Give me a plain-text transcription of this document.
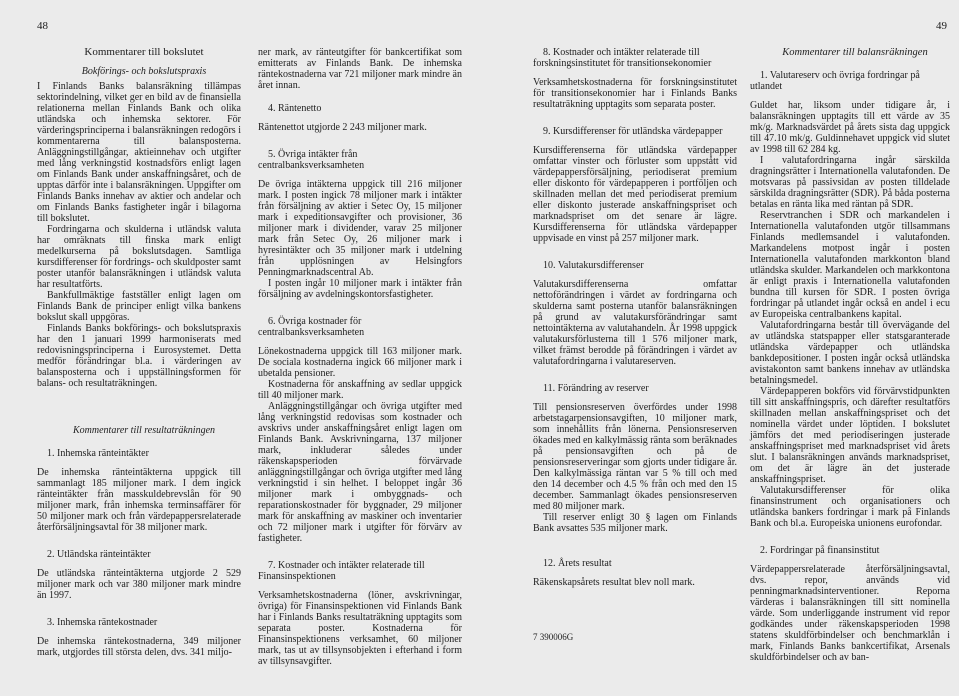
48	49

Kommentarer till bokslutet

Bokförings- och bokslutspraxis

I Finlands Banks balansräkning tillämpas sektorindelning, vilket ger en bild av de finansiella relationerna mellan Finlands Bank och olika utländska och inhemska sektorer. För värderingsprinciperna i balansräkningen redogörs i kommentarerna till balansposterna. Anläggningstillgångar, aktieinnehav och utgifter med lång verkningstid kostnadsförs enligt lagen om Finlands Bank under anskaffningsåret, och de upptas därför inte i balansräkningen. Uppgifter om Finlands Banks innehav av aktier och andelar och om Finlands Banks fastigheter ingår i bilagorna till bokslutet.

Fordringarna och skulderna i utländsk valuta har omräknats till finska mark enligt medelkurserna på bokslutsdagen. Samtliga kursdifferenser för fordrings- och skuldposter samt poster utanför balansräkningen i utländsk valuta har resultatförts.

Bankfullmäktige fastställer enligt lagen om Finlands Bank de principer enligt vilka bankens bokslut skall uppgöras.

Finlands Banks bokförings- och bokslutspraxis har den 1 januari 1999 harmoniserats med redovisningsprinciperna i Eurosystemet. Detta medför förändringar bl.a. i värderingen av balansposterna och i uppställningsformen för balans- och resultaträkningen.

Kommentarer till resultaträkningen

1. Inhemska ränteintäkter

De inhemska ränteintäkterna uppgick till sammanlagt 185 miljoner mark. I dem ingick ränteintäkter från masskuldebrevslån för 90 miljoner mark, från inhemska terminsaffärer för 50 miljoner mark och från värdepappersrelaterade återförsäljningsavtal för 38 miljoner mark.

2. Utländska ränteintäkter

De utländska ränteintäkterna utgjorde 2 529 miljoner mark och var 380 miljoner mark mindre än 1997.

3. Inhemska räntekostnader

De inhemska räntekostnaderna, 349 miljoner mark, utgjordes till största delen, dvs. 341 miljo-

ner mark, av ränteutgifter för bankcertifikat som emitterats av Finlands Bank. De inhemska räntekostnaderna var 721 miljoner mark mindre än året innan.

4. Räntenetto

Räntenettot utgjorde 2 243 miljoner mark.

5. Övriga intäkter från centralbanksverksamheten

De övriga intäkterna uppgick till 216 miljoner mark. I posten ingick 78 miljoner mark i intäkter från försäljning av aktier i Setec Oy, 15 miljoner mark i expeditionsavgifter och provisioner, 36 miljoner mark i dividender, varav 25 miljoner mark från Setec Oy, 26 miljoner mark i hyresintäkter och 35 miljoner mark i utdelning från upplösningen av Helsingfors Penningmarknadscentral Ab.

I posten ingår 10 miljoner mark i intäkter från försäljning av avdelningskontorsfastigheter.

6. Övriga kostnader för centralbanksverksamheten

Lönekostnaderna uppgick till 163 miljoner mark. De sociala kostnaderna ingick 66 miljoner mark i ubetalda pensioner.

Kostnaderna för anskaffning av sedlar uppgick till 40 miljoner mark.

Anläggningstillgångar och övriga utgifter med lång verkningstid redovisas som kostnader och avskrivs under anskaffningsåret enligt lagen om Finlands Bank. Avskrivningarna, 137 miljoner mark, inkluderar således under räkenskapsperioden förvärvade anläggningstillgångar och övriga utgifter med lång verkningstid i sin helhet. I beloppet ingår 36 miljoner mark i ombyggnads- och reparationskostnader för byggnader, 29 miljoner mark för anskaffning av maskiner och inventarier och 72 miljoner mark i utgifter för förvärv av fastigheter.

7. Kostnader och intäkter relaterade till Finansinspektionen

Verksamhetskostnaderna (löner, avskrivningar, övriga) för Finansinspektionen vid Finlands Bank har i Finlands Banks resultaträkning upptagits som separata poster. Kostnaderna för Finansinspektionens verksamhet, 60 miljoner mark, tas ut av tillsynsobjekten i efterhand i form av tillsynsavgifter.

8. Kostnader och intäkter relaterade till forskningsinstitutet för transitionsekonomier

Verksamhetskostnaderna för forskningsinstitutet för transitionsekonomier har i Finlands Banks resultaträkning upptagits som separata poster.

9. Kursdifferenser för utländska värdepapper

Kursdifferenserna för utländska värdepapper omfattar vinster och förluster som uppstått vid värdepappersförsäljning, periodiserat premium eller diskonto för värdepapperen i portföljen och skillnaden mellan det med periodiserat premium eller diskonto justerade anskaffningspriset och marknadspriset om det senare är lägre. Kursdifferenserna för utländska värdepapper uppvisade en vinst på 257 miljoner mark.

10. Valutakursdifferenser

Valutakursdifferenserna omfattar nettoförändringen i värdet av fordringarna och skulderna samt posterna utanför balansräkningen på grund av valutakursförändringar samt nettointäkterna av valutahandeln. År 1998 uppgick valutakursförlusterna till 1 576 miljoner mark, vilket främst berodde på förändringen i värdet av valutafordringarna i valutareserven.

11. Förändring av reserver

Till pensionsreserven överfördes under 1998 arbetstagarpensionsavgiften, 10 miljoner mark, som innehållits från lönerna. Pensionsreserven ökades med en kalkylmässig ränta som beräknades på pensionsavgiften och på de pensionsreserveringar som gjorts under tidigare år. Den kalkylmässiga räntan var 5 % till och med den 14 december och 4.5 % från och med den 15 december. Sammanlagt ökades pensionsreserven med 80 miljoner mark.

Till reserver enligt 30 § lagen om Finlands Bank avsattes 535 miljoner mark.

12. Årets resultat

Räkenskapsårets resultat blev noll mark.

Kommentarer till balansräkningen

1. Valutareserv och övriga fordringar på utlandet

Guldet har, liksom under tidigare år, i balansräkningen upptagits till ett värde av 35 mk/g. Marknadsvärdet på årets sista dag uppgick till 47.10 mk/g. Guldinnehavet uppgick vid slutet av 1998 till 62 284 kg.

I valutafordringarna ingår särskilda dragningsrätter i Internationella valutafonden. De motsvaras på passivsidan av posten tilldelade särskilda dragningsrätter (SDR). På båda posterna betalas en ränta lika med räntan på SDR.

Reservtranchen i SDR och markandelen i Internationella valutafonden utgör tillsammans Finlands medlemsandel i valutafonden. Markandelens motpost ingår i posten Internationella valutafonden markkonton bland utländska skulder. Markandelen och markkontona är enligt praxis i Internationella valutafonden bundna till kursen för SDR. I posten övriga fordringar på utlandet ingår också en andel i ecu av Europeiska centralbankens kapital.

Valutafordringarna består till övervägande del av utländska statspapper eller statsgaranterade utländska värdepapper och utländska bankdepositioner. I posten ingår också utländska avistakonton samt bankens innehav av utländska betalningsmedel.

Värdepapperen bokförs vid förvärvstidpunkten till sitt anskaffningspris, och därefter resultatförs skillnaden mellan anskaffningspriset och det nominella värdet under löptiden. I bokslutet jämförs det med periodiseringen justerade anskaffningspriset med marknadspriset vid årets slut. I balansräkningen används marknadspriset, om det är lägre än det justerade anskaffningspriset.

Valutakursdifferenser för olika finansinstrument och organisationers och utländska bankers fordringar i mark på Finlands Bank och bl.a. Europeiska unionens eurofondar.

2. Fordringar på finansinstitut

Värdepappersrelaterade återförsäljningsavtal, dvs. repor, används vid penningmarknadsinterventioner. Reporna värderas i balansräkningen till sitt nominella värde. Som underliggande instrument vid repor godkändes under räkenskapsperioden 1998 statens skuldförbindelser och benchmarklån i mark, Finlands Banks bankcertifikat, Arsenals skuldförbindelser och av ban-

7 390006G
